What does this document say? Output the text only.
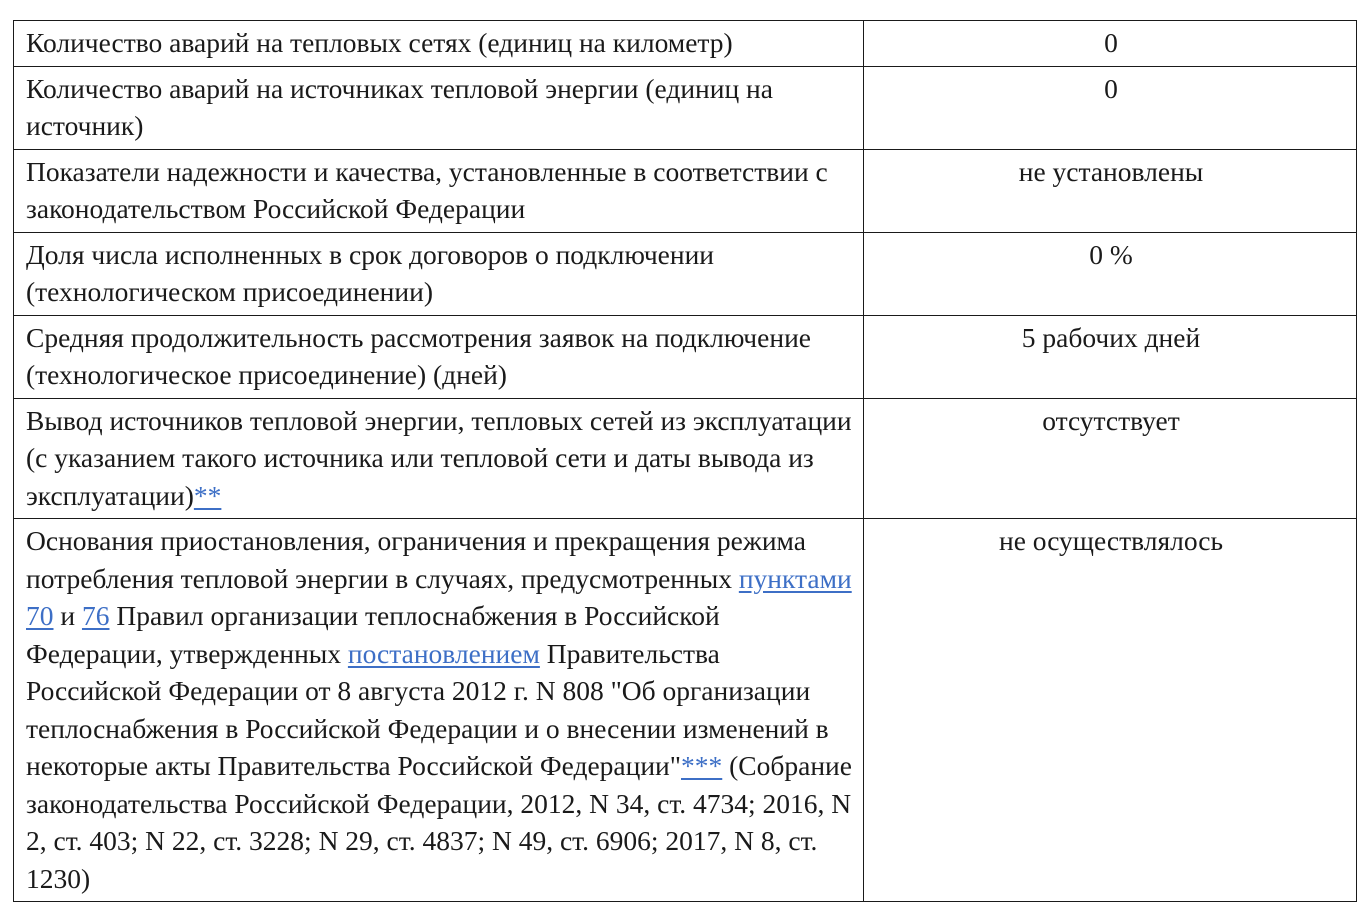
Количество аварий на тепловых сетях (единиц на километр)	0
Количество аварий на источниках тепловой энергии (единиц на источник)	0
Показатели надежности и качества, установленные в соответствии с законодательством Российской Федерации	не установлены
Доля числа исполненных в срок договоров о подключении (технологическом присоединении)	0 %
Средняя продолжительность рассмотрения заявок на подключение (технологическое присоединение) (дней)	5 рабочих дней
Вывод источников тепловой энергии, тепловых сетей из эксплуатации (с указанием такого источника или тепловой сети и даты вывода из эксплуатации)**	отсутствует
Основания приостановления, ограничения и прекращения режима потребления тепловой энергии в случаях, предусмотренных пунктами 70 и 76 Правил организации теплоснабжения в Российской Федерации, утвержденных постановлением Правительства Российской Федерации от 8 августа 2012 г. N 808 "Об организации теплоснабжения в Российской Федерации и о внесении изменений в некоторые акты Правительства Российской Федерации"*** (Собрание законодательства Российской Федерации, 2012, N 34, ст. 4734; 2016, N 2, ст. 403; N 22, ст. 3228; N 29, ст. 4837; N 49, ст. 6906; 2017, N 8, ст. 1230)	не осуществлялось
